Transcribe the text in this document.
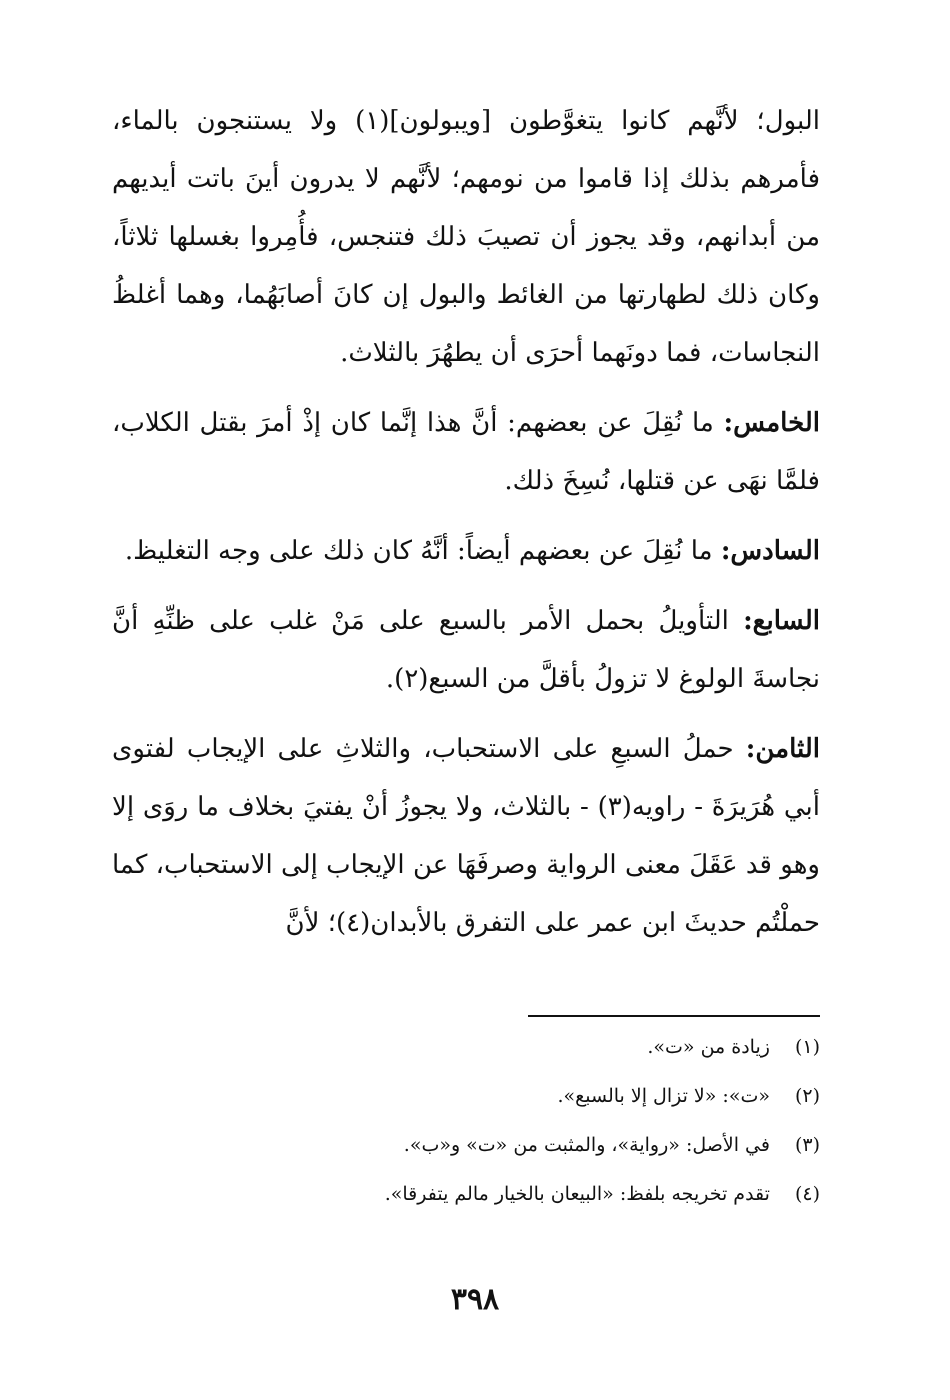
البول؛ لأنَّهم كانوا يتغوَّطون [ويبولون](١) ولا يستنجون بالماء، فأمرهم بذلك إذا قاموا من نومهم؛ لأنَّهم لا يدرون أينَ باتت أيديهم من أبدانهم، وقد يجوز أن تصيبَ ذلك فتنجس، فأُمِروا بغسلها ثلاثاً، وكان ذلك لطهارتها من الغائط والبول إن كانَ أصابَهُما، وهما أغلظُ النجاسات، فما دونَهما أحرَى أن يطهُرَ بالثلاث.

الخامس: ما نُقِلَ عن بعضهم: أنَّ هذا إنَّما كان إذْ أمرَ بقتل الكلاب، فلمَّا نهَى عن قتلها، نُسِخَ ذلك.

السادس: ما نُقِلَ عن بعضهم أيضاً: أنَّهُ كان ذلك على وجه التغليظ.

السابع: التأويلُ بحمل الأمر بالسبع على مَنْ غلب على ظنِّهِ أنَّ نجاسةَ الولوغ لا تزولُ بأقلَّ من السبع(٢).

الثامن: حملُ السبعِ على الاستحباب، والثلاثِ على الإيجاب لفتوى أبي هُرَيرَةَ - راويه(٣) - بالثلاث، ولا يجوزُ أنْ يفتيَ بخلاف ما روَى إلا وهو قد عَقَلَ معنى الرواية وصرفَهَا عن الإيجاب إلى الاستحباب، كما حملْتُم حديثَ ابن عمر على التفرق بالأبدان(٤)؛ لأنَّ

(١) زيادة من «ت».

(٢) «ت»: «لا تزال إلا بالسبع».

(٣) في الأصل: «رواية»، والمثبت من «ت» و«ب».

(٤) تقدم تخريجه بلفظ: «البيعان بالخيار مالم يتفرقا».

٣٩٨
